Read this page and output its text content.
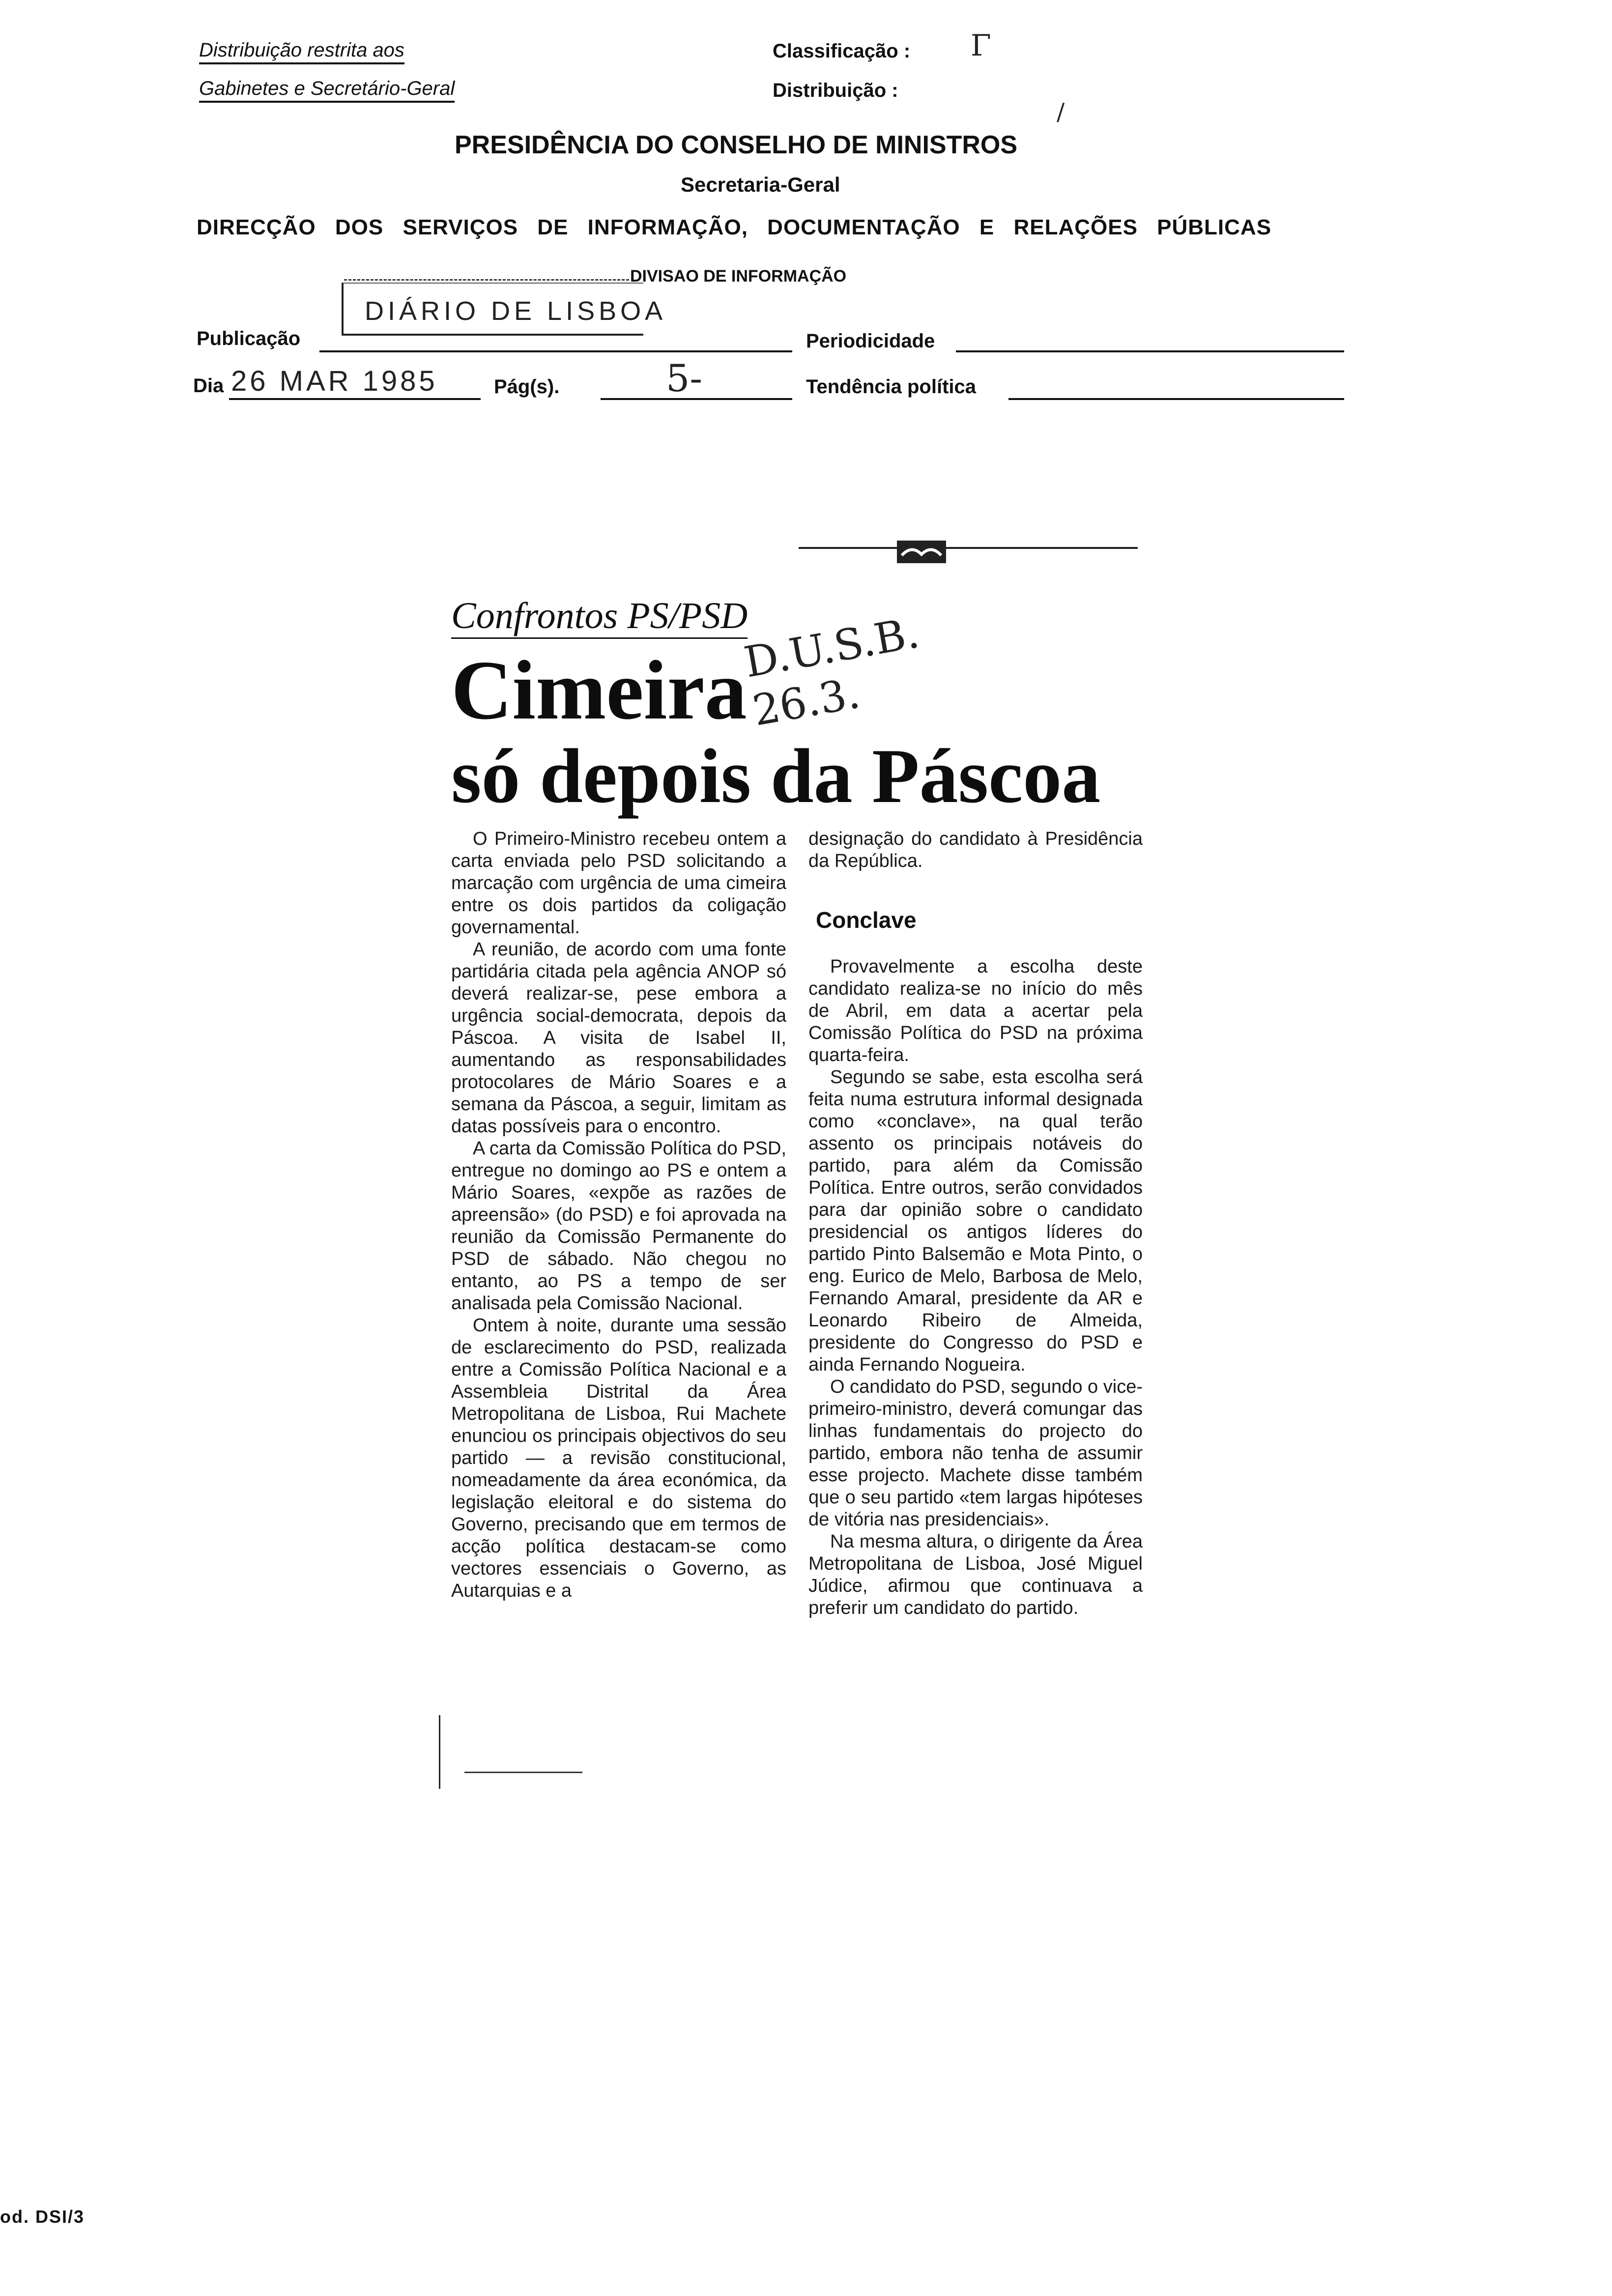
Distribuição restrita aos
Gabinetes e Secretário-Geral
Classificação : Γ
Distribuição :
/
PRESIDÊNCIA DO CONSELHO DE MINISTROS
Secretaria-Geral
DIRECÇÃO DOS SERVIÇOS DE INFORMAÇÃO, DOCUMENTAÇÃO E RELAÇÕES PÚBLICAS
DIVISAO DE INFORMAÇÃO
Publicação
DIÁRIO DE LISBOA
Periodicidade
Dia 26 MAR 1985	Pág(s).	5-	Tendência política
Confrontos PS/PSD
Cimeira
só depois da Páscoa
D.U.S.B. 26.3.

O Primeiro-Ministro recebeu ontem a carta enviada pelo PSD solicitando a marcação com urgência de uma cimeira entre os dois partidos da coligação governamental.

A reunião, de acordo com uma fonte partidária citada pela agência ANOP só deverá realizar-se, pese embora a urgência social-democrata, depois da Páscoa. A visita de Isabel II, aumentando as responsabilidades protocolares de Mário Soares e a semana da Páscoa, a seguir, limitam as datas possíveis para o encontro.

A carta da Comissão Política do PSD, entregue no domingo ao PS e ontem a Mário Soares, «expõe as razões de apreensão» (do PSD) e foi aprovada na reunião da Comissão Permanente do PSD de sábado. Não chegou no entanto, ao PS a tempo de ser analisada pela Comissão Nacional.

Ontem à noite, durante uma sessão de esclarecimento do PSD, realizada entre a Comissão Política Nacional e a Assembleia Distrital da Área Metropolitana de Lisboa, Rui Machete enunciou os principais objectivos do seu partido — a revisão constitucional, nomeadamente da área económica, da legislação eleitoral e do sistema do Governo, precisando que em termos de acção política destacam-se como vectores essenciais o Governo, as Autarquias e a

designação do candidato à Presidência da República.
Conclave

Provavelmente a escolha deste candidato realiza-se no início do mês de Abril, em data a acertar pela Comissão Política do PSD na próxima quarta-feira.

Segundo se sabe, esta escolha será feita numa estrutura informal designada como «conclave», na qual terão assento os principais notáveis do partido, para além da Comissão Política. Entre outros, serão convidados para dar opinião sobre o candidato presidencial os antigos líderes do partido Pinto Balsemão e Mota Pinto, o eng. Eurico de Melo, Barbosa de Melo, Fernando Amaral, presidente da AR e Leonardo Ribeiro de Almeida, presidente do Congresso do PSD e ainda Fernando Nogueira.

O candidato do PSD, segundo o vice-primeiro-ministro, deverá comungar das linhas fundamentais do projecto do partido, embora não tenha de assumir esse projecto. Machete disse também que o seu partido «tem largas hipóteses de vitória nas presidenciais».

Na mesma altura, o dirigente da Área Metropolitana de Lisboa, José Miguel Júdice, afirmou que continuava a preferir um candidato do partido.

od. DSI/3
